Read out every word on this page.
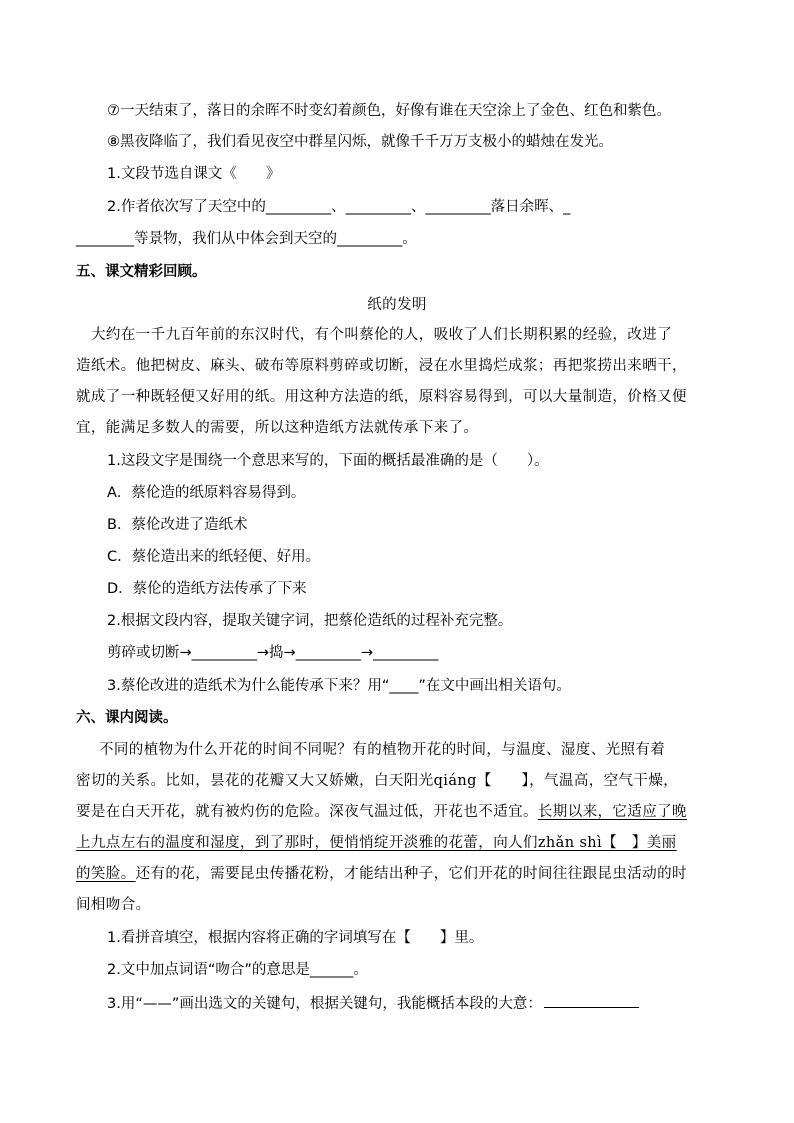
⑦一天结束了，落日的余晖不时变幻着颜色，好像有谁在天空涂上了金色、红色和紫色。
⑧黑夜降临了，我们看见夜空中群星闪烁，就像千千万万支极小的蜡烛在发光。
1.文段节选自课文《　　》
2.作者依次写了天空中的_________、_________、_________落日余晖、_
________等景物，我们从中体会到天空的_________。
五、课文精彩回顾。
纸的发明
大约在一千九百年前的东汉时代，有个叫蔡伦的人，吸收了人们长期积累的经验，改进了
造纸术。他把树皮、麻头、破布等原料剪碎或切断，浸在水里捣烂成浆；再把浆捞出来晒干，
就成了一种既轻便又好用的纸。用这种方法造的纸，原料容易得到，可以大量制造，价格又便
宜，能满足多数人的需要，所以这种造纸方法就传承下来了。
1.这段文字是围绕一个意思来写的，下面的概括最准确的是（　　）。
A．蔡伦造的纸原料容易得到。
B．蔡伦改进了造纸术
C．蔡伦造出来的纸轻便、好用。
D．蔡伦的造纸方法传承了下来
2.根据文段内容，提取关键字词，把蔡伦造纸的过程补充完整。
剪碎或切断→_________→捣→_________→_________
3.蔡伦改进的造纸术为什么能传承下来？用“____”在文中画出相关语句。
六、课内阅读。
不同的植物为什么开花的时间不同呢？有的植物开花的时间，与温度、湿度、光照有着
密切的关系。比如，昙花的花瓣又大又娇嫩，白天阳光qiáng【　　】，气温高，空气干燥，
要是在白天开花，就有被灼伤的危险。深夜气温过低，开花也不适宜。长期以来，它适应了晚
上九点左右的温度和湿度，到了那时，便悄悄绽开淡雅的花蕾，向人们zhǎn shì【　】美丽
的笑脸。还有的花，需要昆虫传播花粉，才能结出种子，它们开花的时间往往跟昆虫活动的时
间相吻合。
1.看拼音填空，根据内容将正确的字词填写在【　　】里。
2.文中加点词语“吻合”的意思是______。
3.用“——”画出选文的关键句，根据关键句，我能概括本段的大意：
